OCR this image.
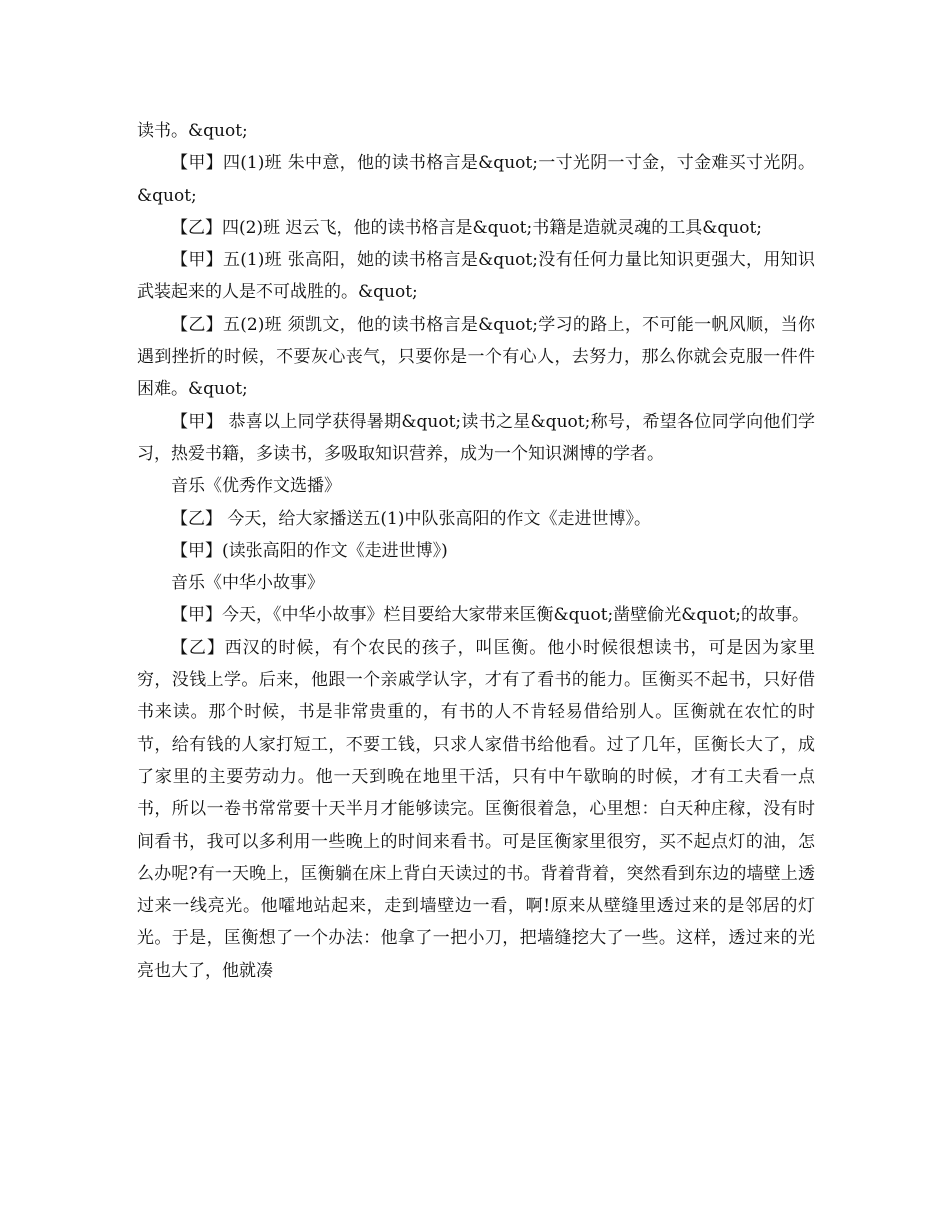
读书。&quot;

【甲】四(1)班 朱中意，他的读书格言是&quot;一寸光阴一寸金，寸金难买寸光阴。&quot;

【乙】四(2)班 迟云飞，他的读书格言是&quot;书籍是造就灵魂的工具&quot;

【甲】五(1)班 张高阳，她的读书格言是&quot;没有任何力量比知识更强大，用知识武装起来的人是不可战胜的。&quot;

【乙】五(2)班 须凯文，他的读书格言是&quot;学习的路上，不可能一帆风顺，当你遇到挫折的时候，不要灰心丧气，只要你是一个有心人，去努力，那么你就会克服一件件困难。&quot;

【甲】 恭喜以上同学获得暑期&quot;读书之星&quot;称号，希望各位同学向他们学习，热爱书籍，多读书，多吸取知识营养，成为一个知识渊博的学者。

音乐《优秀作文选播》

【乙】 今天，给大家播送五(1)中队张高阳的作文《走进世博》。

【甲】(读张高阳的作文《走进世博》)

音乐《中华小故事》

【甲】今天，《中华小故事》栏目要给大家带来匡衡&quot;凿壁偷光&quot;的故事。

【乙】西汉的时候，有个农民的孩子，叫匡衡。他小时候很想读书，可是因为家里穷，没钱上学。后来，他跟一个亲戚学认字，才有了看书的能力。匡衡买不起书，只好借书来读。那个时候，书是非常贵重的，有书的人不肯轻易借给别人。匡衡就在农忙的时节，给有钱的人家打短工，不要工钱，只求人家借书给他看。过了几年，匡衡长大了，成了家里的主要劳动力。他一天到晚在地里干活，只有中午歇晌的时候，才有工夫看一点书，所以一卷书常常要十天半月才能够读完。匡衡很着急，心里想：白天种庄稼，没有时间看书，我可以多利用一些晚上的时间来看书。可是匡衡家里很穷，买不起点灯的油，怎么办呢?有一天晚上，匡衡躺在床上背白天读过的书。背着背着，突然看到东边的墙壁上透过来一线亮光。他嚯地站起来，走到墙壁边一看，啊!原来从壁缝里透过来的是邻居的灯光。于是，匡衡想了一个办法：他拿了一把小刀，把墙缝挖大了一些。这样，透过来的光亮也大了，他就凑
